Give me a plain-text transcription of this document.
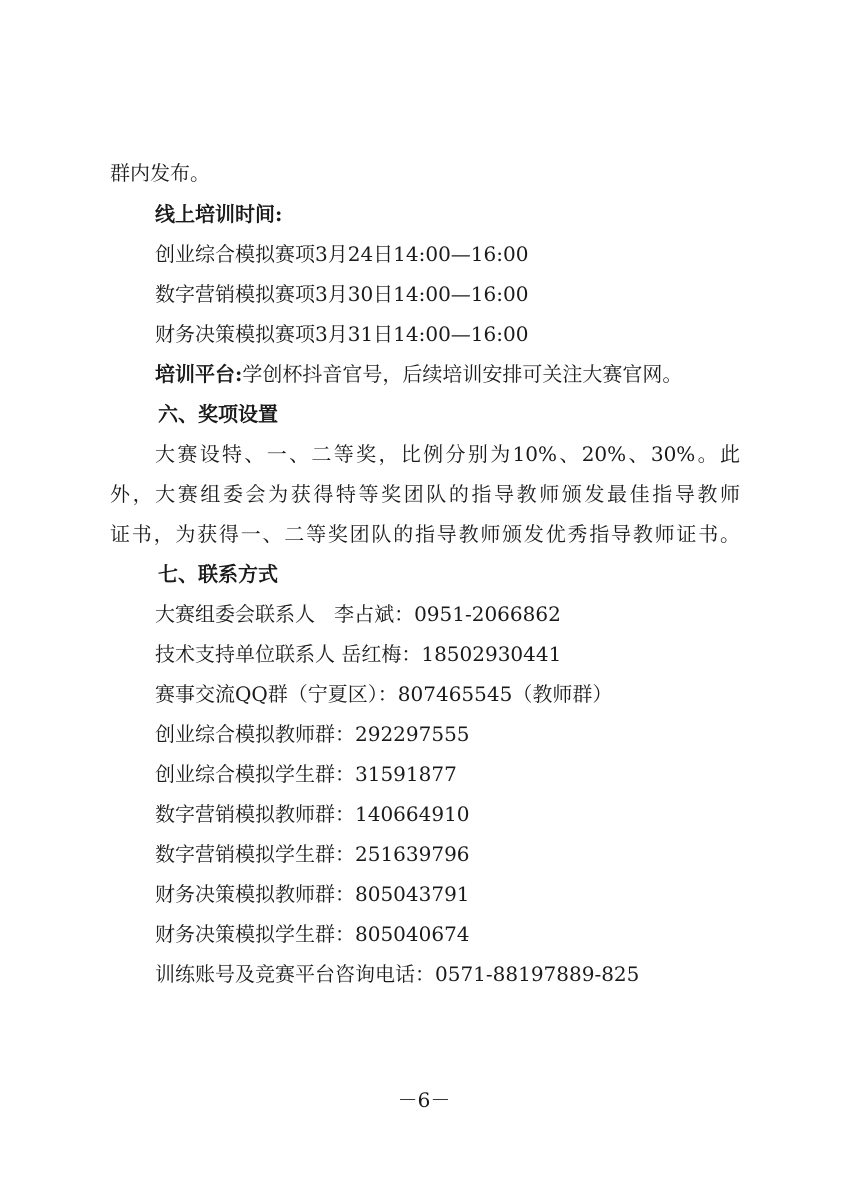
群内发布。
线上培训时间:
创业综合模拟赛项3月24日14:00—16:00
数字营销模拟赛项3月30日14:00—16:00
财务决策模拟赛项3月31日14:00—16:00
培训平台:学创杯抖音官号，后续培训安排可关注大赛官网。
六、奖项设置
大赛设特、一、二等奖，比例分别为10%、20%、30%。此
外，大赛组委会为获得特等奖团队的指导教师颁发最佳指导教师
证书，为获得一、二等奖团队的指导教师颁发优秀指导教师证书。
七、联系方式
大赛组委会联系人   李占斌：0951-2066862
技术支持单位联系人 岳红梅：18502930441
赛事交流QQ群（宁夏区）：807465545（教师群）
创业综合模拟教师群：292297555
创业综合模拟学生群：31591877
数字营销模拟教师群：140664910
数字营销模拟学生群：251639796
财务决策模拟教师群：805043791
财务决策模拟学生群：805040674
训练账号及竞赛平台咨询电话：0571-88197889-825
－6－
